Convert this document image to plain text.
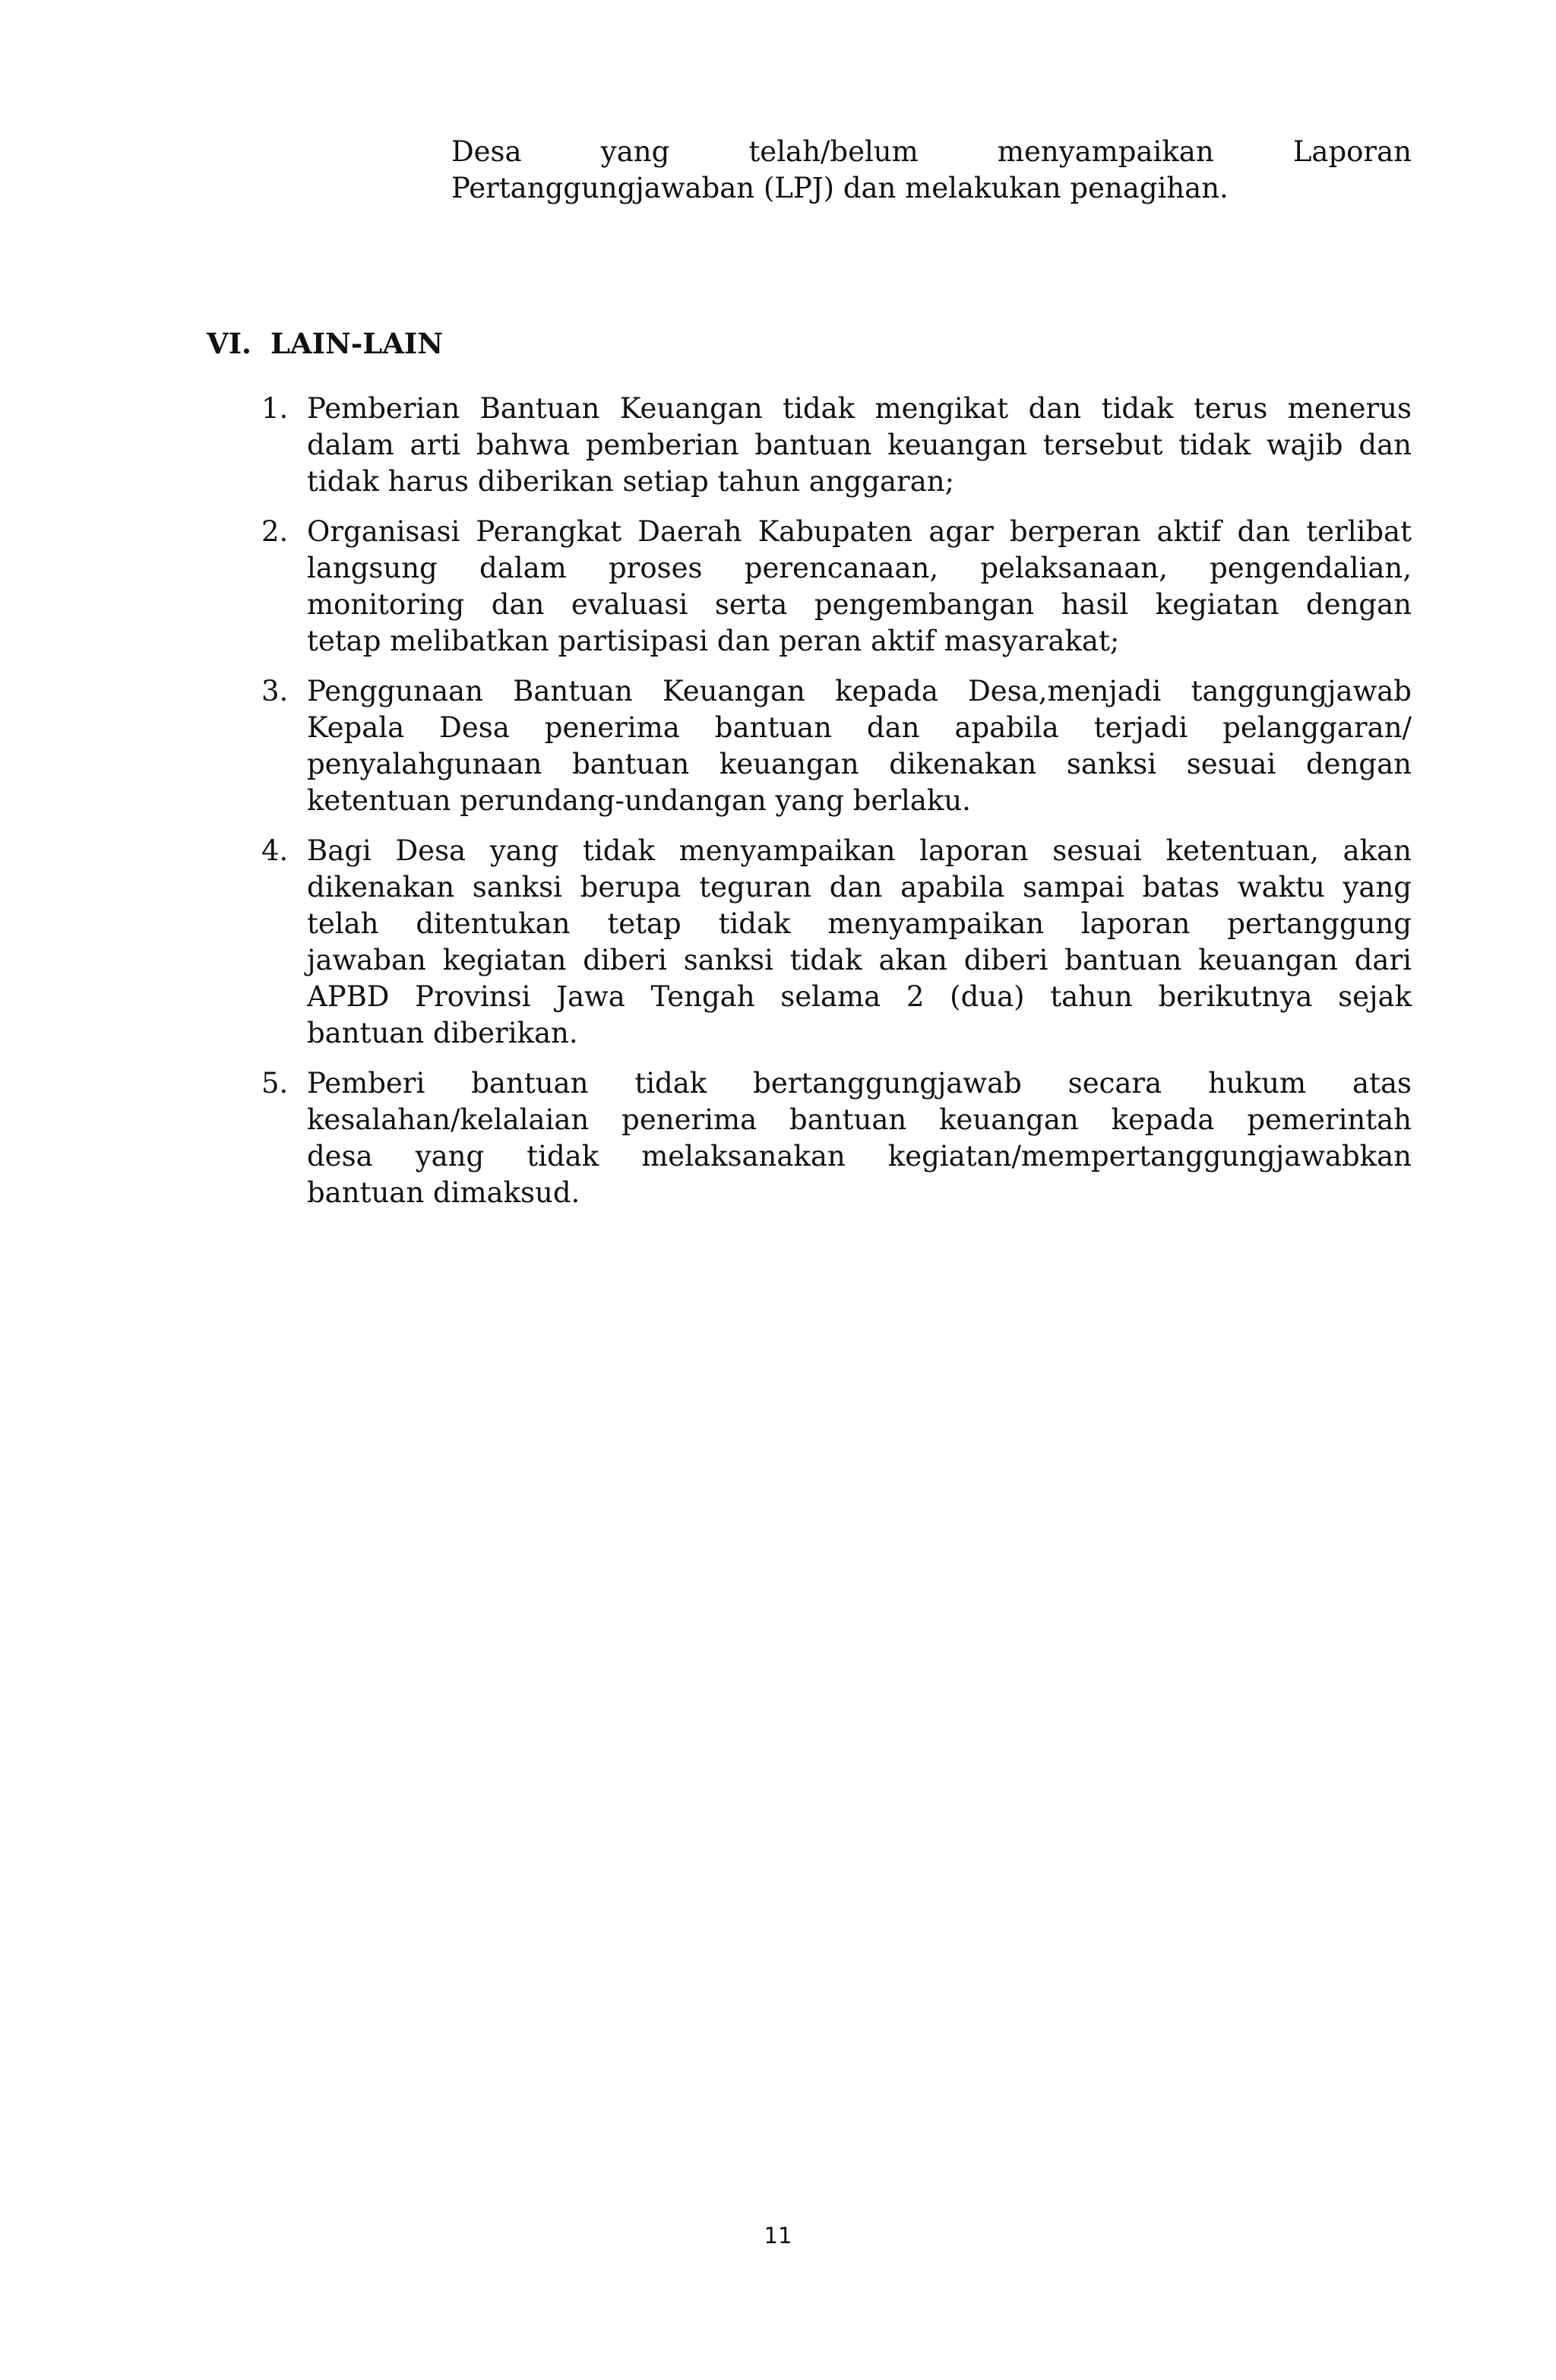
Desa yang telah/belum menyampaikan Laporan
Pertanggungjawaban (LPJ) dan melakukan penagihan.
VI. LAIN-LAIN
1. Pemberian Bantuan Keuangan tidak mengikat dan tidak terus menerus
dalam arti bahwa pemberian bantuan keuangan tersebut tidak wajib dan
tidak harus diberikan setiap tahun anggaran;
2. Organisasi Perangkat Daerah Kabupaten agar berperan aktif dan terlibat
langsung dalam proses perencanaan, pelaksanaan, pengendalian,
monitoring dan evaluasi serta pengembangan hasil kegiatan dengan
tetap melibatkan partisipasi dan peran aktif masyarakat;
3. Penggunaan Bantuan Keuangan kepada Desa,menjadi tanggungjawab
Kepala Desa penerima bantuan dan apabila terjadi pelanggaran/
penyalahgunaan bantuan keuangan dikenakan sanksi sesuai dengan
ketentuan perundang-undangan yang berlaku.
4. Bagi Desa yang tidak menyampaikan laporan sesuai ketentuan, akan
dikenakan sanksi berupa teguran dan apabila sampai batas waktu yang
telah ditentukan tetap tidak menyampaikan laporan pertanggung
jawaban kegiatan diberi sanksi tidak akan diberi bantuan keuangan dari
APBD Provinsi Jawa Tengah selama 2 (dua) tahun berikutnya sejak
bantuan diberikan.
5. Pemberi bantuan tidak bertanggungjawab secara hukum atas
kesalahan/kelalaian penerima bantuan keuangan kepada pemerintah
desa yang tidak melaksanakan kegiatan/mempertanggungjawabkan
bantuan dimaksud.
11
